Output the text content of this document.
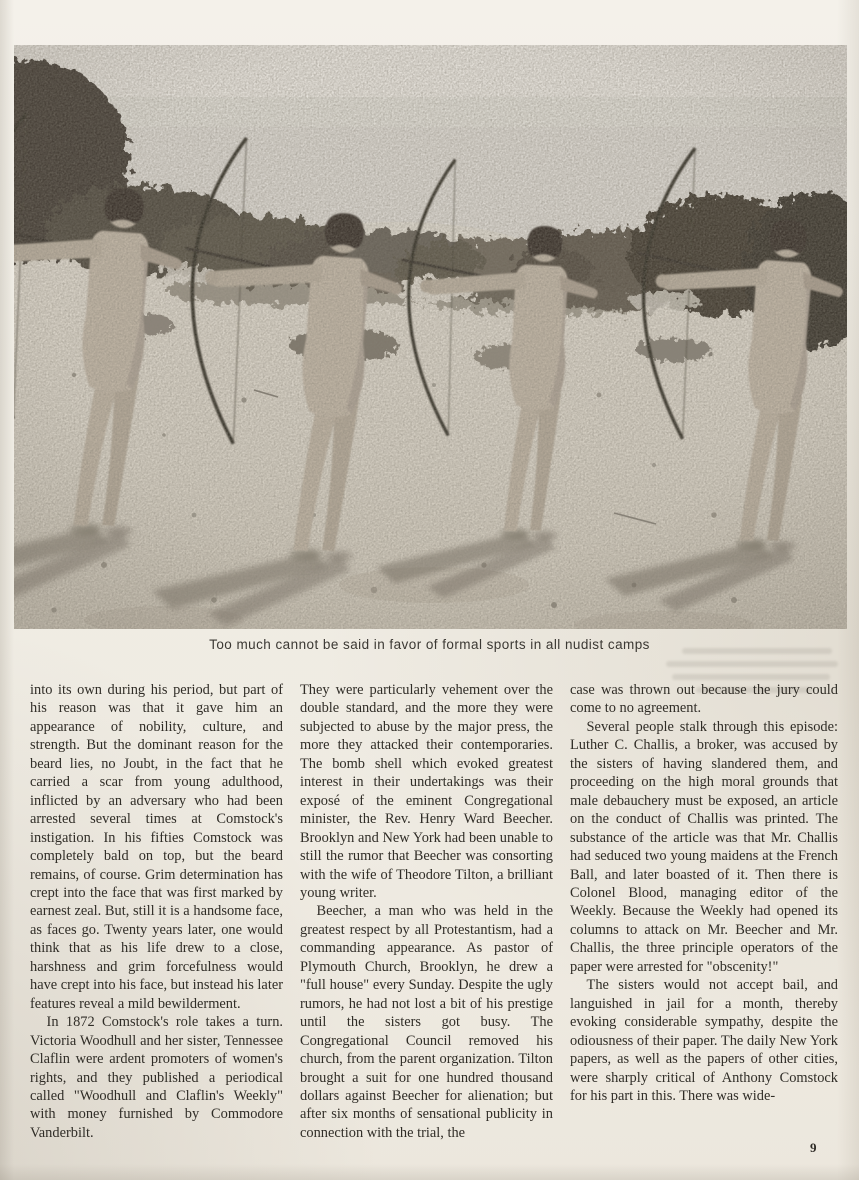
Too much cannot be said in favor of formal sports in all nudist camps

into its own during his period, but part of his reason was that it gave him an appearance of nobility, culture, and strength. But the dominant reason for the beard lies, no Joubt, in the fact that he carried a scar from young adulthood, inflicted by an adversary who had been arrested several times at Comstock's instigation. In his fifties Comstock was completely bald on top, but the beard remains, of course. Grim determination has crept into the face that was first marked by earnest zeal. But, still it is a handsome face, as faces go. Twenty years later, one would think that as his life drew to a close, harshness and grim forcefulness would have crept into his face, but instead his later features reveal a mild bewilderment.

In 1872 Comstock's role takes a turn. Victoria Woodhull and her sister, Tennessee Claflin were ardent promoters of women's rights, and they published a periodical called "Woodhull and Claflin's Weekly" with money furnished by Commodore Vanderbilt.

They were particularly vehement over the double standard, and the more they were subjected to abuse by the major press, the more they attacked their contemporaries. The bomb shell which evoked greatest interest in their undertakings was their exposé of the eminent Congregational minister, the Rev. Henry Ward Beecher. Brooklyn and New York had been unable to still the rumor that Beecher was consorting with the wife of Theodore Tilton, a brilliant young writer.

Beecher, a man who was held in the greatest respect by all Protestantism, had a commanding appearance. As pastor of Plymouth Church, Brooklyn, he drew a "full house" every Sunday. Despite the ugly rumors, he had not lost a bit of his prestige until the sisters got busy. The Congregational Council removed his church, from the parent organization. Tilton brought a suit for one hundred thousand dollars against Beecher for alienation; but after six months of sensational publicity in connection with the trial, the

case was thrown out because the jury could come to no agreement.

Several people stalk through this episode: Luther C. Challis, a broker, was accused by the sisters of having slandered them, and proceeding on the high moral grounds that male debauchery must be exposed, an article on the conduct of Challis was printed. The substance of the article was that Mr. Challis had seduced two young maidens at the French Ball, and later boasted of it. Then there is Colonel Blood, managing editor of the Weekly. Because the Weekly had opened its columns to attack on Mr. Beecher and Mr. Challis, the three principle operators of the paper were arrested for "obscenity!"

The sisters would not accept bail, and languished in jail for a month, thereby evoking considerable sympathy, despite the odiousness of their paper. The daily New York papers, as well as the papers of other cities, were sharply critical of Anthony Comstock for his part in this. There was wide-

9
